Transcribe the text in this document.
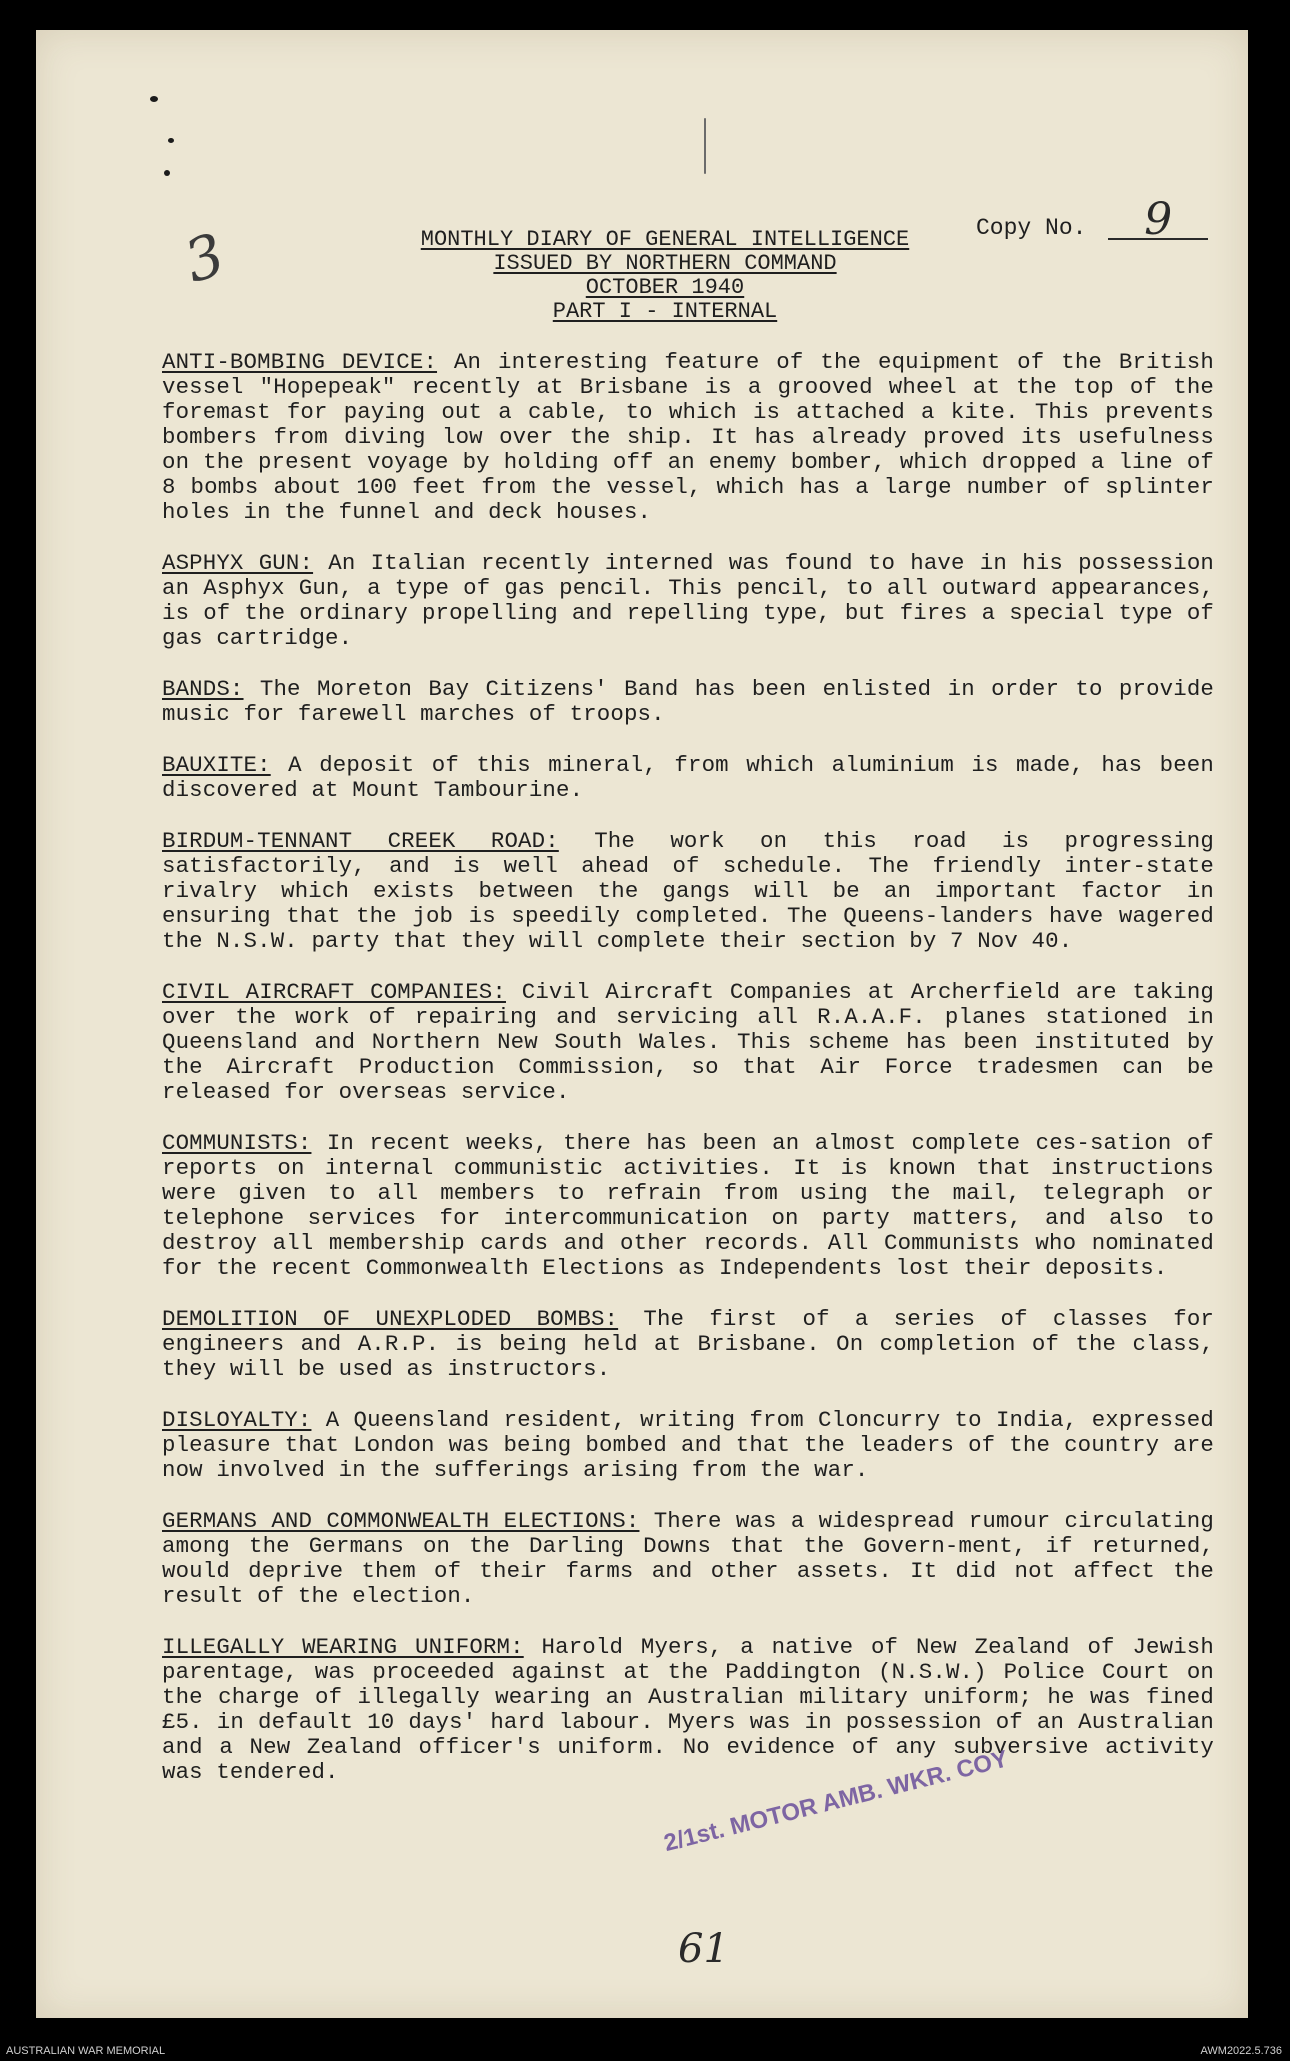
3	Copy No. 9
MONTHLY DIARY OF GENERAL INTELLIGENCE
ISSUED BY NORTHERN COMMAND
OCTOBER 1940
PART I - INTERNAL

ANTI-BOMBING DEVICE: An interesting feature of the equipment of the British vessel "Hopepeak" recently at Brisbane is a grooved wheel at the top of the foremast for paying out a cable, to which is attached a kite. This prevents bombers from diving low over the ship. It has already proved its usefulness on the present voyage by holding off an enemy bomber, which dropped a line of 8 bombs about 100 feet from the vessel, which has a large number of splinter holes in the funnel and deck houses.

ASPHYX GUN: An Italian recently interned was found to have in his possession an Asphyx Gun, a type of gas pencil. This pencil, to all outward appearances, is of the ordinary propelling and repelling type, but fires a special type of gas cartridge.

BANDS: The Moreton Bay Citizens' Band has been enlisted in order to provide music for farewell marches of troops.

BAUXITE: A deposit of this mineral, from which aluminium is made, has been discovered at Mount Tambourine.

BIRDUM-TENNANT CREEK ROAD: The work on this road is progressing satisfactorily, and is well ahead of schedule. The friendly inter-state rivalry which exists between the gangs will be an important factor in ensuring that the job is speedily completed. The Queens-landers have wagered the N.S.W. party that they will complete their section by 7 Nov 40.

CIVIL AIRCRAFT COMPANIES: Civil Aircraft Companies at Archerfield are taking over the work of repairing and servicing all R.A.A.F. planes stationed in Queensland and Northern New South Wales. This scheme has been instituted by the Aircraft Production Commission, so that Air Force tradesmen can be released for overseas service.

COMMUNISTS: In recent weeks, there has been an almost complete ces-sation of reports on internal communistic activities. It is known that instructions were given to all members to refrain from using the mail, telegraph or telephone services for intercommunication on party matters, and also to destroy all membership cards and other records. All Communists who nominated for the recent Commonwealth Elections as Independents lost their deposits.

DEMOLITION OF UNEXPLODED BOMBS: The first of a series of classes for engineers and A.R.P. is being held at Brisbane. On completion of the class, they will be used as instructors.

DISLOYALTY: A Queensland resident, writing from Cloncurry to India, expressed pleasure that London was being bombed and that the leaders of the country are now involved in the sufferings arising from the war.

GERMANS AND COMMONWEALTH ELECTIONS: There was a widespread rumour circulating among the Germans on the Darling Downs that the Govern-ment, if returned, would deprive them of their farms and other assets. It did not affect the result of the election.

ILLEGALLY WEARING UNIFORM: Harold Myers, a native of New Zealand of Jewish parentage, was proceeded against at the Paddington (N.S.W.) Police Court on the charge of illegally wearing an Australian military uniform; he was fined £5. in default 10 days' hard labour. Myers was in possession of an Australian and a New Zealand officer's uniform. No evidence of any subversive activity was tendered.	2/1st. MOTOR AMB. WKR. COY
61
AUSTRALIAN WAR MEMORIAL	AWM2022.5.736
